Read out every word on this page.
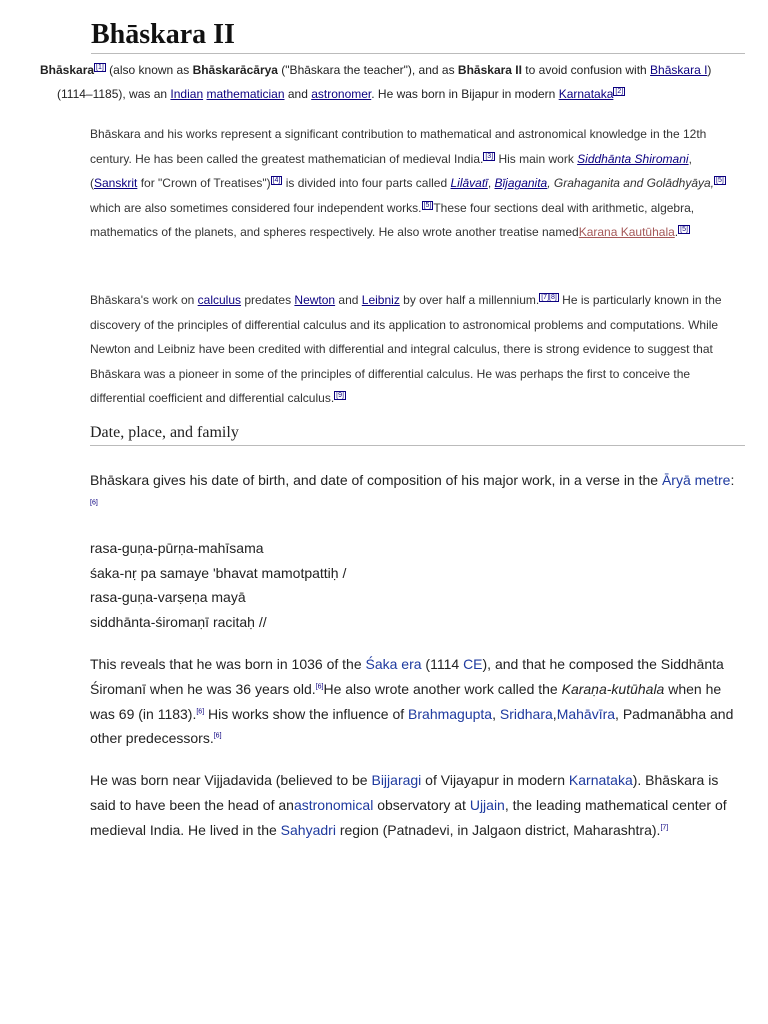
Bhāskara II
Bhāskara [1] (also known as Bhāskarācārya ("Bhāskara the teacher"), and as Bhāskara II to avoid confusion with Bhāskara I)
(1114–1185), was an Indian mathematician and astronomer. He was born in Bijapur in modern Karnataka [2]

Bhāskara and his works represent a significant contribution to mathematical and astronomical knowledge in the 12th century. He has been called the greatest mathematician of medieval India. [3] His main work Siddhānta Shiromani, (Sanskrit for "Crown of Treatises") [4] is divided into four parts called Lilāvatī, Bījaganita, Grahaganita and Golādhyāya, [5] which are also sometimes considered four independent works. [5] These four sections deal with arithmetic, algebra, mathematics of the planets, and spheres respectively. He also wrote another treatise namedKarana Kautūhala. [5]

Bhāskara's work on calculus predates Newton and Leibniz by over half a millennium. [7][8] He is particularly known in the discovery of the principles of differential calculus and its application to astronomical problems and computations. While Newton and Leibniz have been credited with differential and integral calculus, there is strong evidence to suggest that Bhāskara was a pioneer in some of the principles of differential calculus. He was perhaps the first to conceive the differential coefficient and differential calculus. [9]

Date, place, and family

Bhāskara gives his date of birth, and date of composition of his major work, in a verse in the Āryā metre:[6]

rasa-guṇa-pūrṇa-mahīsama
śaka-nṛ pa samaye 'bhavat mamotpattiḥ /
rasa-guṇa-varṣeṇa mayā
siddhānta-śiromaṇī racitaḥ //

This reveals that he was born in 1036 of the Śaka era (1114 CE), and that he composed the Siddhānta Śiromanī when he was 36 years old.[6]He also wrote another work called the Karaṇa-kutūhala when he was 69 (in 1183).[6] His works show the influence of Brahmagupta, Sridhara,Mahāvīra, Padmanābha and other predecessors.[6]

He was born near Vijjadavida (believed to be Bijjaragi of Vijayapur in modern Karnataka). Bhāskara is said to have been the head of anastronomical observatory at Ujjain, the leading mathematical center of medieval India. He lived in the Sahyadri region (Patnadevi, in Jalgaon district, Maharashtra).[7]
